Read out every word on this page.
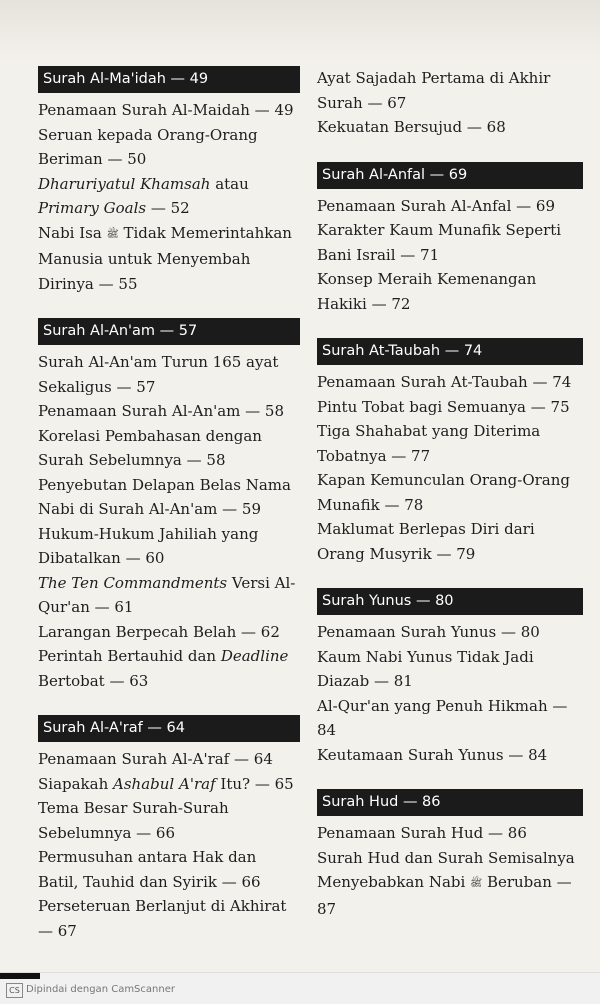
Surah Al-Ma'idah — 49
Penamaan Surah Al-Maidah — 49
Seruan kepada Orang-Orang Beriman — 50
Dharuriyatul Khamsah atau
Primary Goals — 52
Nabi Isa ﷺ Tidak Memerintahkan Manusia untuk Menyembah Dirinya — 55
Surah Al-An'am — 57
Surah Al-An'am Turun 165 ayat Sekaligus — 57
Penamaan Surah Al-An'am — 58
Korelasi Pembahasan dengan Surah Sebelumnya — 58
Penyebutan Delapan Belas Nama Nabi di Surah Al-An'am — 59
Hukum-Hukum Jahiliah yang Dibatalkan — 60
The Ten Commandments Versi Al-Qur'an — 61
Larangan Berpecah Belah — 62
Perintah Bertauhid dan Deadline Bertobat — 63
Surah Al-A'raf — 64
Penamaan Surah Al-A'raf — 64
Siapakah Ashabul A'raf Itu? — 65
Tema Besar Surah-Surah Sebelumnya — 66
Permusuhan antara Hak dan Batil, Tauhid dan Syirik — 66
Perseteruan Berlanjut di Akhirat — 67
Ayat Sajadah Pertama di Akhir Surah — 67
Kekuatan Bersujud — 68
Surah Al-Anfal — 69
Penamaan Surah Al-Anfal — 69
Karakter Kaum Munafik Seperti Bani Israil — 71
Konsep Meraih Kemenangan Hakiki — 72
Surah At-Taubah — 74
Penamaan Surah At-Taubah — 74
Pintu Tobat bagi Semuanya — 75
Tiga Shahabat yang Diterima Tobatnya — 77
Kapan Kemunculan Orang-Orang Munafik — 78
Maklumat Berlepas Diri dari Orang Musyrik — 79
Surah Yunus — 80
Penamaan Surah Yunus — 80
Kaum Nabi Yunus Tidak Jadi Diazab — 81
Al-Qur'an yang Penuh Hikmah — 84
Keutamaan Surah Yunus — 84
Surah Hud — 86
Penamaan Surah Hud — 86
Surah Hud dan Surah Semisalnya
Menyebabkan Nabi ﷺ Beruban — 87
CS Dipindai dengan CamScanner
